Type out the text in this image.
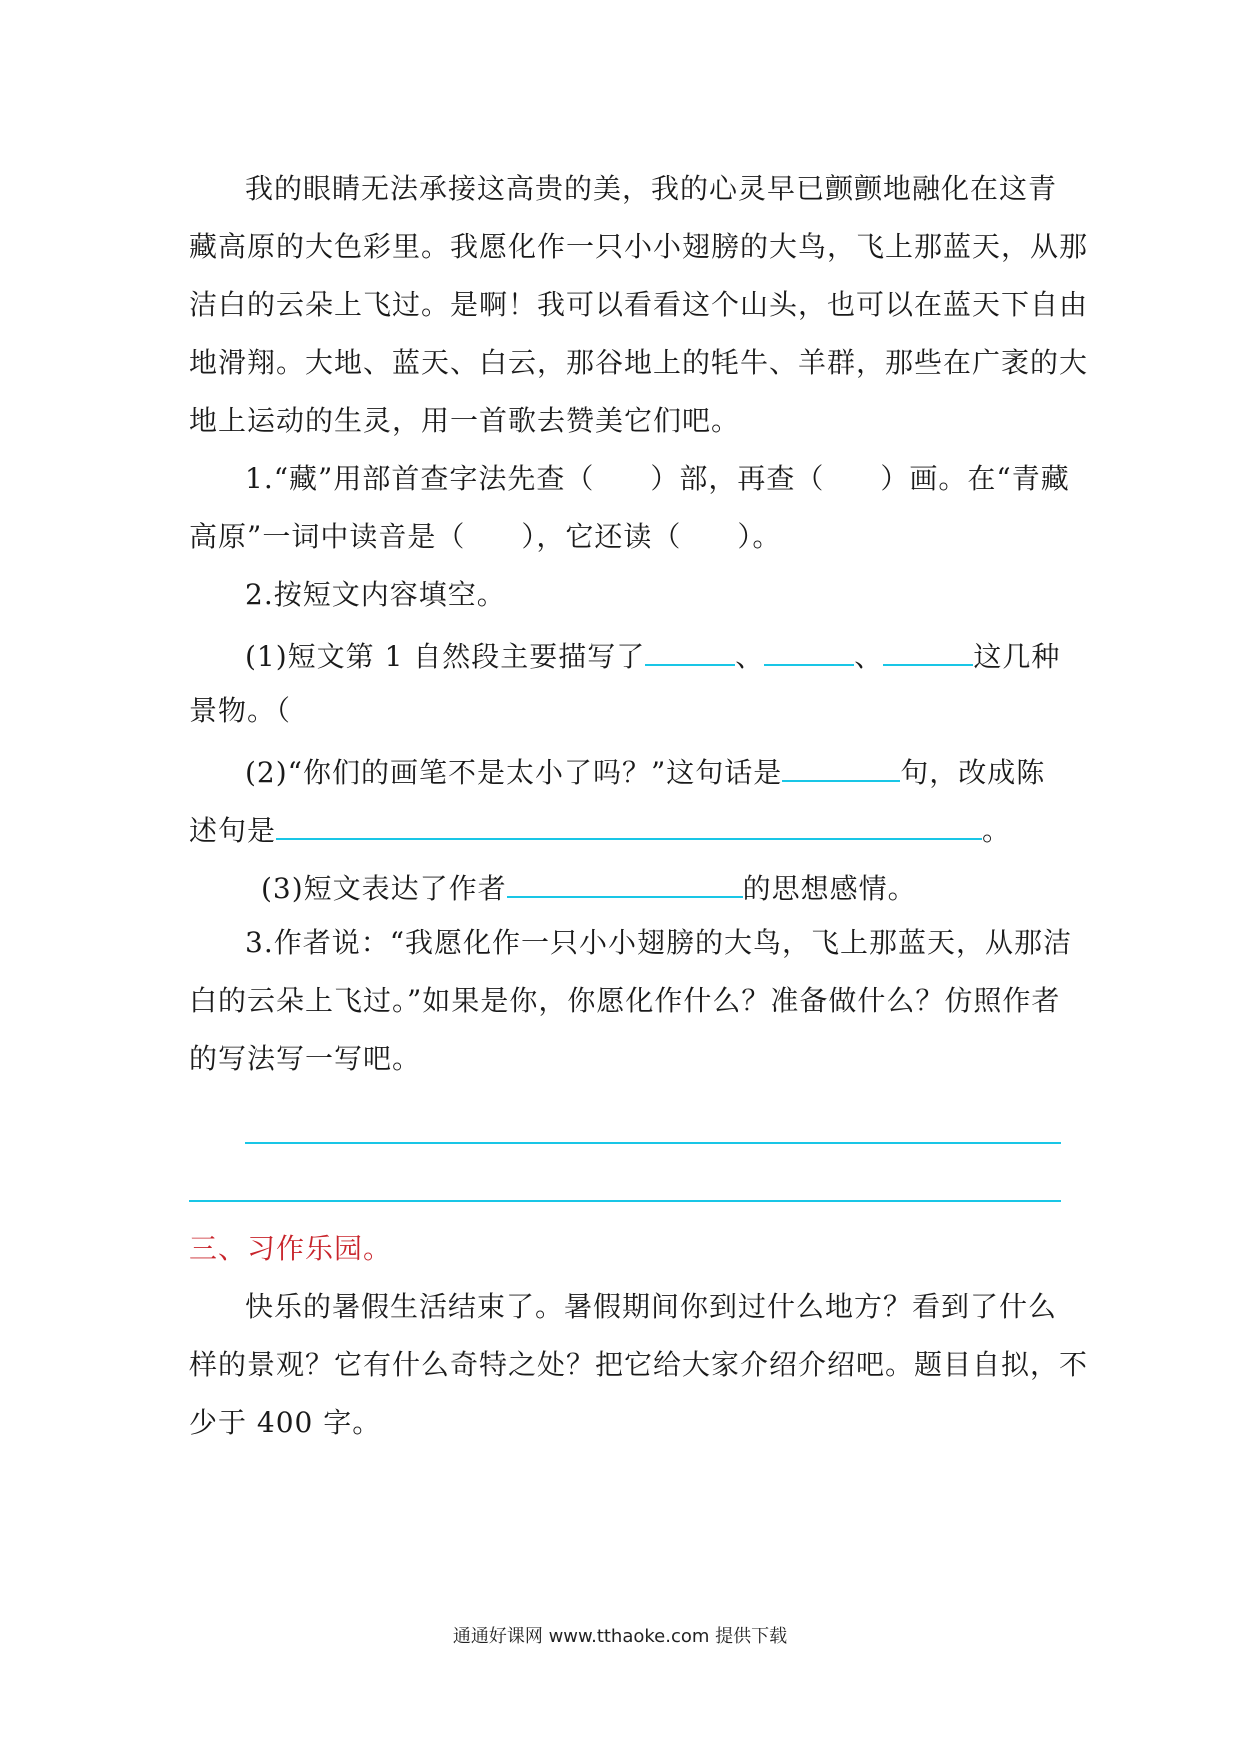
我的眼睛无法承接这高贵的美，我的心灵早已颤颤地融化在这青
藏高原的大色彩里。我愿化作一只小小翅膀的大鸟，飞上那蓝天，从那
洁白的云朵上飞过。是啊！我可以看看这个山头，也可以在蓝天下自由
地滑翔。大地、蓝天、白云，那谷地上的牦牛、羊群，那些在广袤的大
地上运动的生灵，用一首歌去赞美它们吧。
1.“藏”用部首查字法先查（ ）部，再查（ ）画。在“青藏
高原”一词中读音是（ ），它还读（ ）。
2.按短文内容填空。
(1)短文第 1 自然段主要描写了	、	、	这几种
景物。（
(2)“你们的画笔不是太小了吗？”这句话是	句，改成陈
述句是	。
(3)短文表达了作者	的思想感情。
3.作者说：“我愿化作一只小小翅膀的大鸟，飞上那蓝天，从那洁
白的云朵上飞过。”如果是你，你愿化作什么？准备做什么？仿照作者
的写法写一写吧。
三、习作乐园。
快乐的暑假生活结束了。暑假期间你到过什么地方？看到了什么
样的景观？它有什么奇特之处？把它给大家介绍介绍吧。题目自拟，不
少于 400 字。
通通好课网 www.tthaoke.com 提供下载
